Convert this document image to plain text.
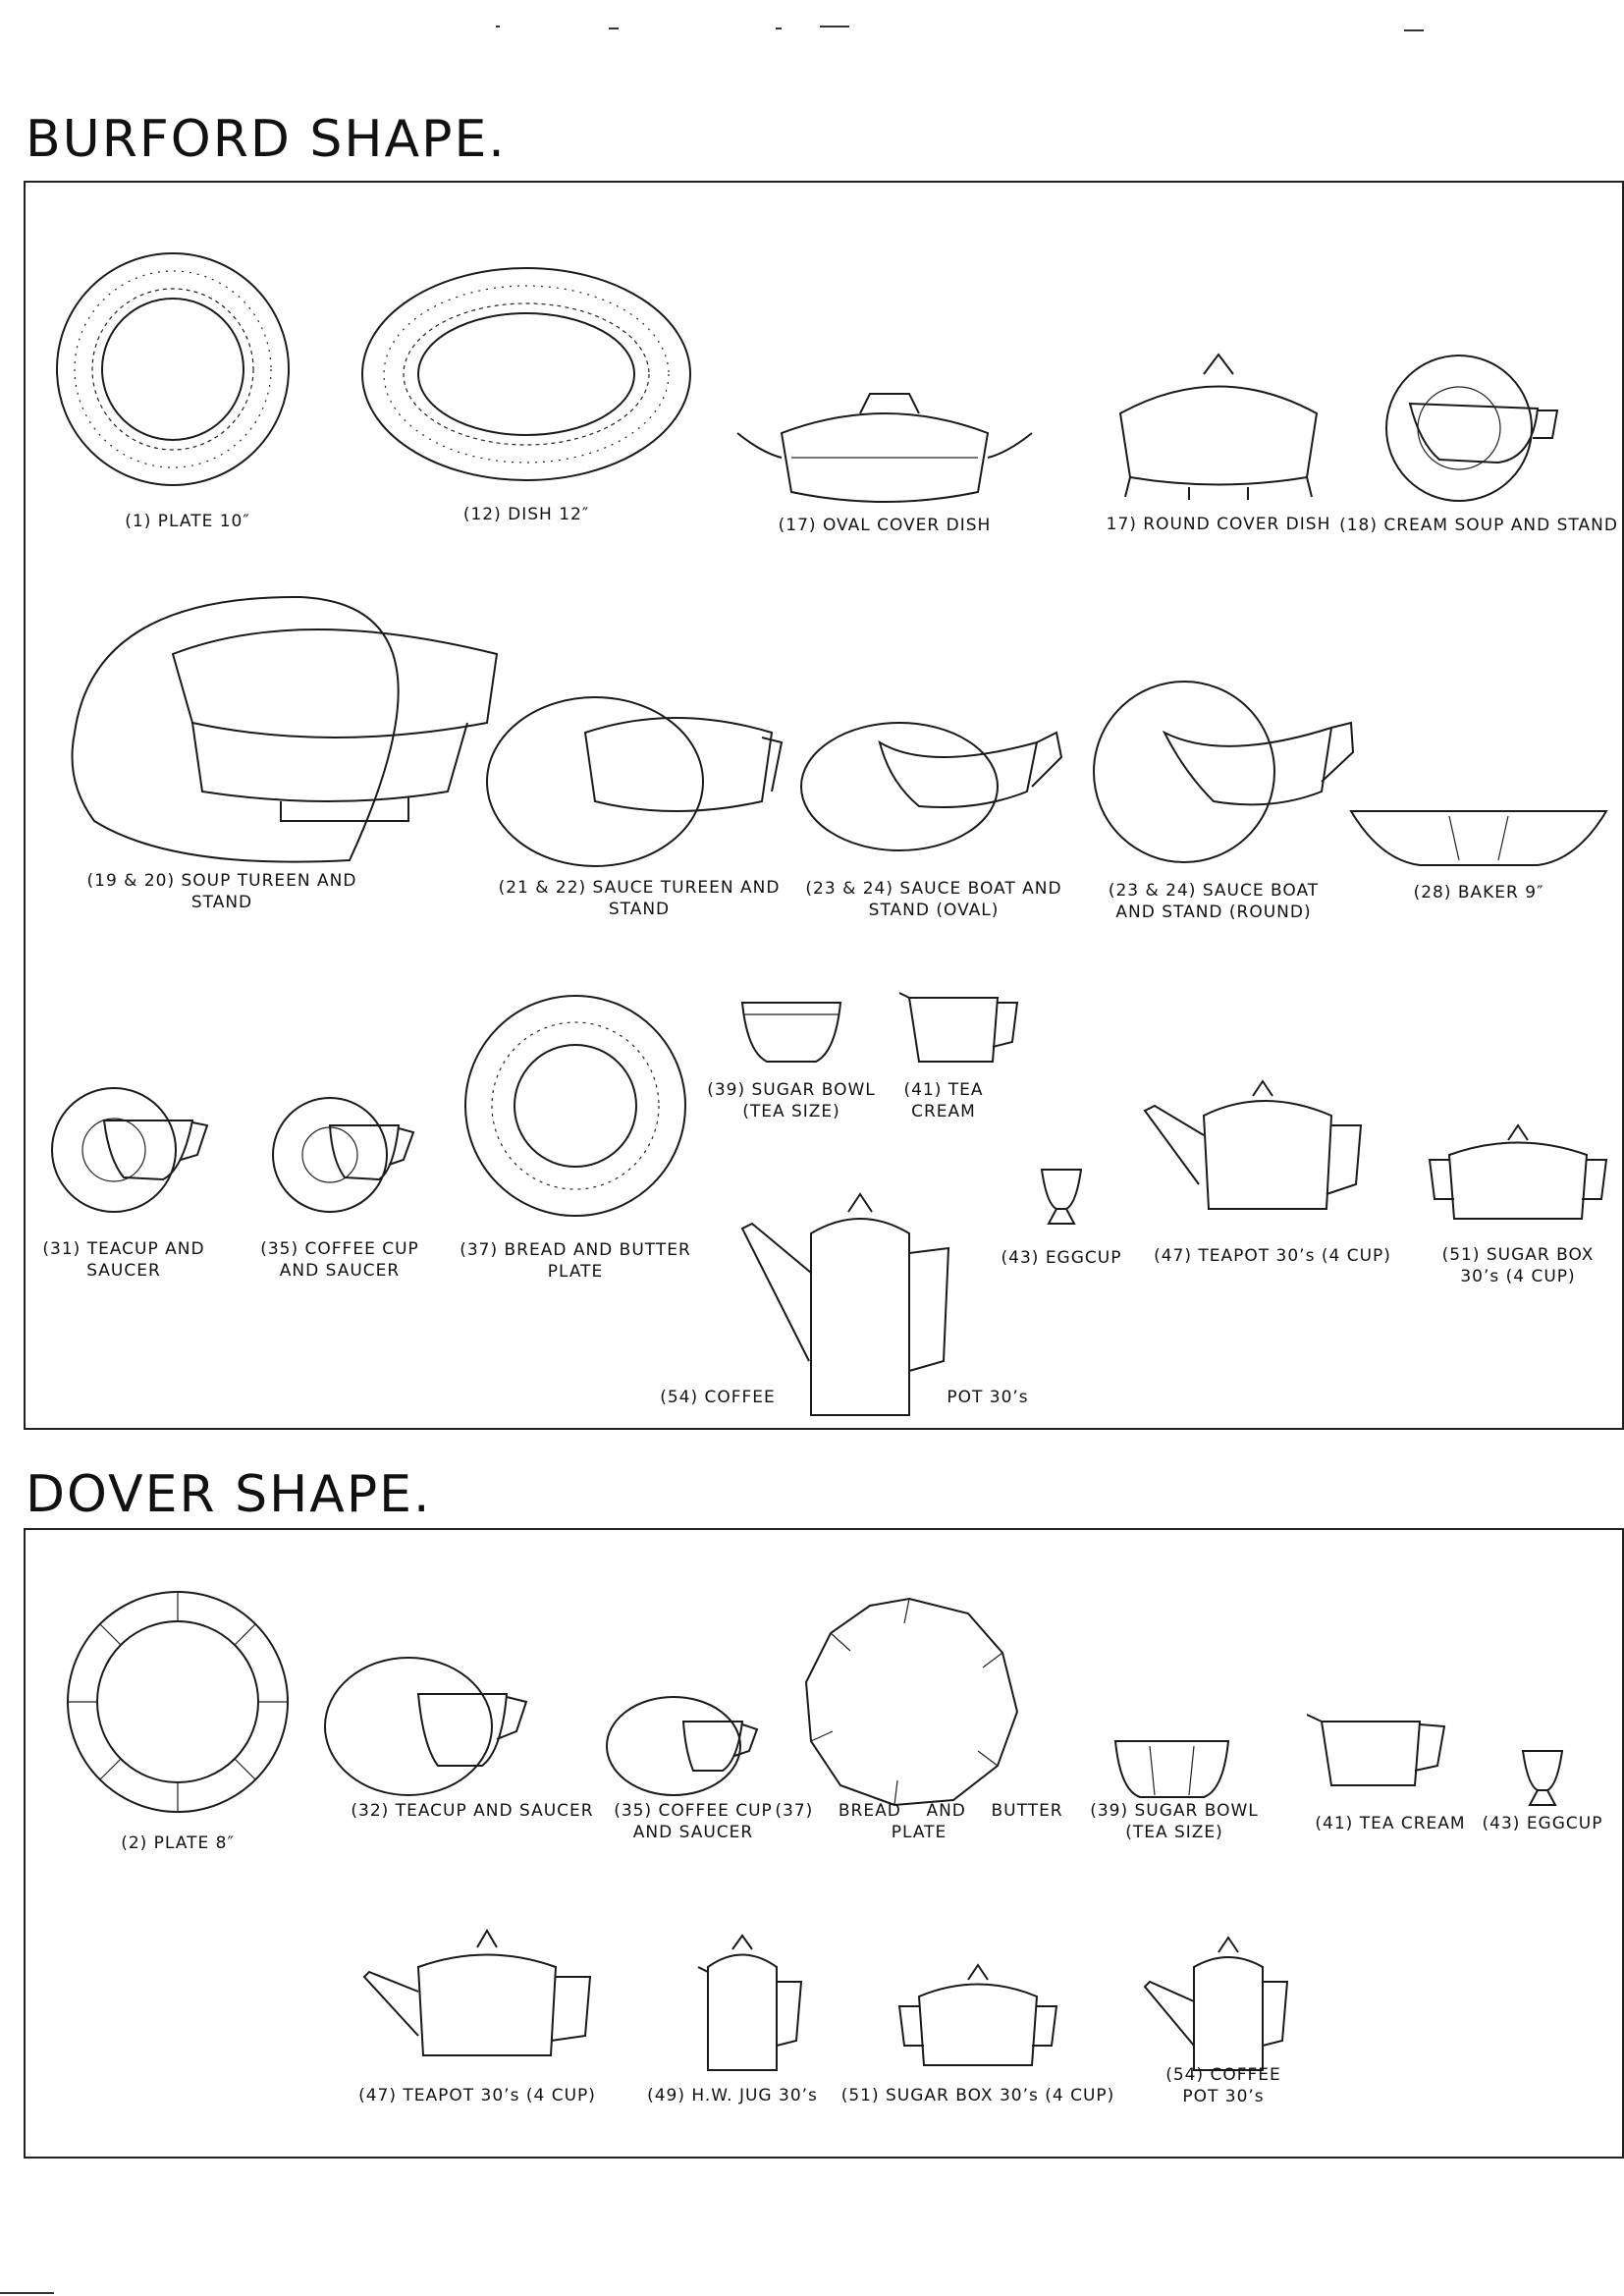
BURFORD SHAPE.
(1) PLATE 10″	(12) DISH 12″
(17) OVAL COVER DISH	17) ROUND COVER DISH (18) CREAM SOUP AND STAND
(19 & 20) SOUP TUREEN AND
STAND
(21 & 22) SAUCE TUREEN AND
STAND
(23 & 24) SAUCE BOAT AND
STAND (OVAL)
(23 & 24) SAUCE BOAT
AND STAND (ROUND)
(28) BAKER 9″
(39) SUGAR BOWL
(TEA SIZE)
(41) TEA
CREAM
(31) TEACUP AND
SAUCER
(35) COFFEE CUP
AND SAUCER
(37) BREAD AND BUTTER
PLATE
(43) EGGCUP	(47) TEAPOT 30’s (4 CUP)	(51) SUGAR BOX
30’s (4 CUP)
(54) COFFEE	POT 30’s
DOVER SHAPE.
(2) PLATE 8″
(32) TEACUP AND SAUCER	(35) COFFEE CUP
AND SAUCER
(37)    BREAD    AND    BUTTER
PLATE
(39) SUGAR BOWL
(TEA SIZE)	(41) TEA CREAM (43) EGGCUP
(47) TEAPOT 30’s (4 CUP)	(49) H.W. JUG 30’s	(51) SUGAR BOX 30’s (4 CUP)
(54) COFFEE
POT 30’s
